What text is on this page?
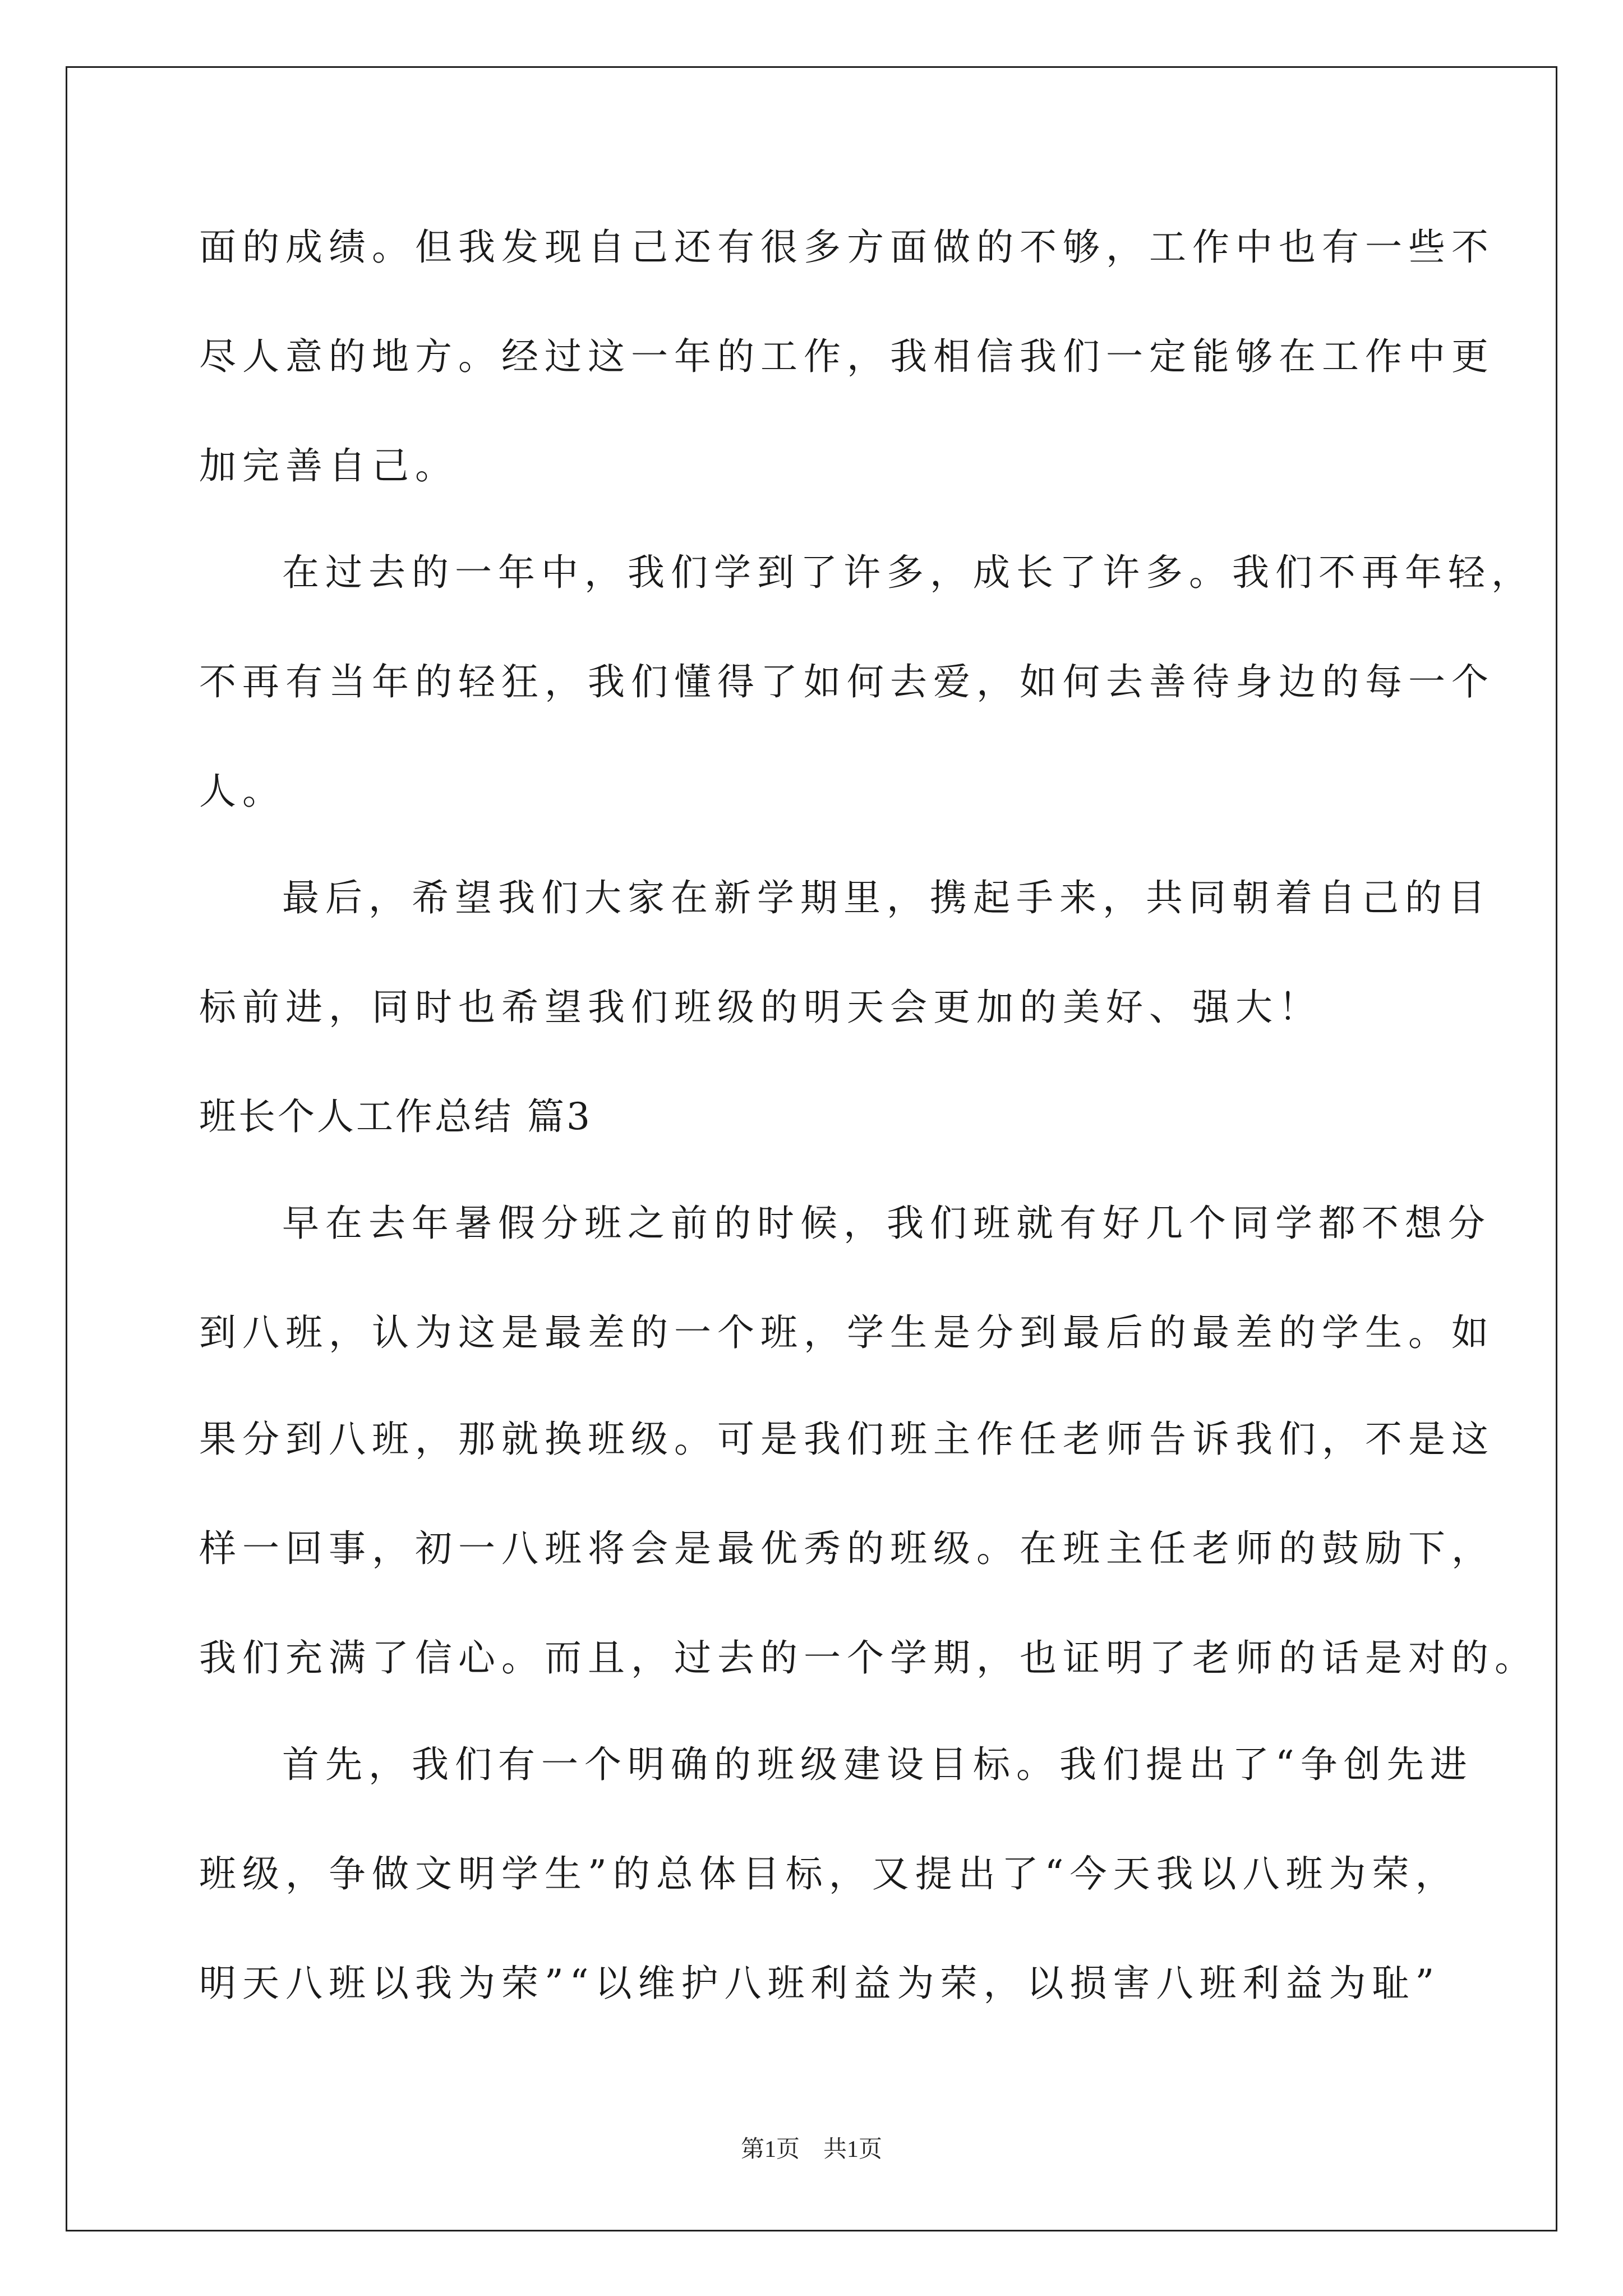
面的成绩。但我发现自己还有很多方面做的不够，工作中也有一些不
尽人意的地方。经过这一年的工作，我相信我们一定能够在工作中更
加完善自己。
在过去的一年中，我们学到了许多，成长了许多。我们不再年轻，
不再有当年的轻狂，我们懂得了如何去爱，如何去善待身边的每一个
人。
最后，希望我们大家在新学期里，携起手来，共同朝着自己的目
标前进，同时也希望我们班级的明天会更加的美好、强大！
班长个人工作总结 篇3
早在去年暑假分班之前的时候，我们班就有好几个同学都不想分
到八班，认为这是最差的一个班，学生是分到最后的最差的学生。如
果分到八班，那就换班级。可是我们班主作任老师告诉我们，不是这
样一回事，初一八班将会是最优秀的班级。在班主任老师的鼓励下，
我们充满了信心。而且，过去的一个学期，也证明了老师的话是对的。
首先，我们有一个明确的班级建设目标。我们提出了“争创先进
班级，争做文明学生”的总体目标，又提出了“今天我以八班为荣，
明天八班以我为荣”“以维护八班利益为荣，以损害八班利益为耻”
第1页　共1页
